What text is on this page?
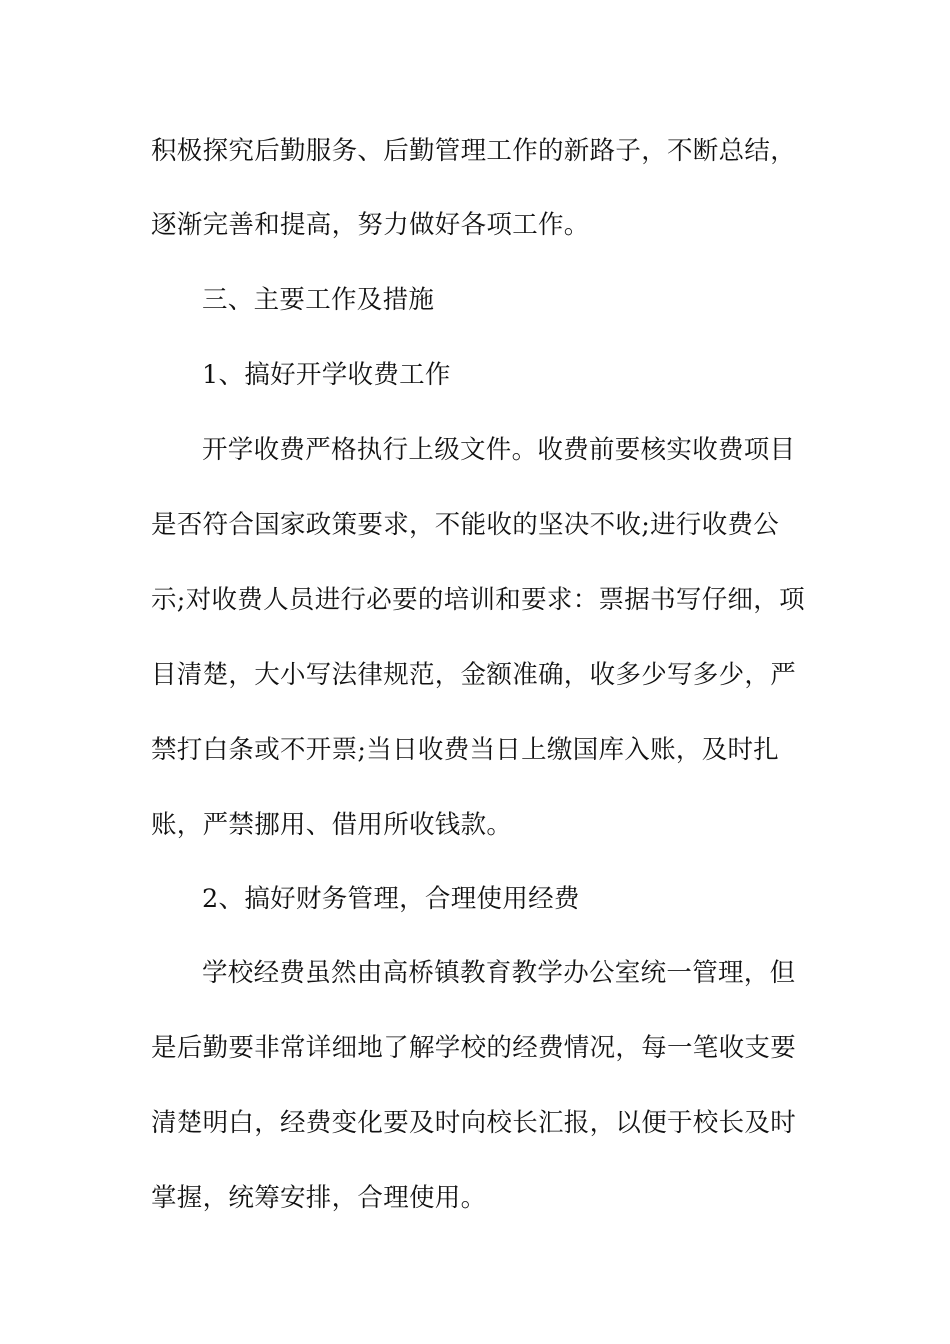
积极探究后勤服务、后勤管理工作的新路子，不断总结，
逐渐完善和提高，努力做好各项工作。
三、主要工作及措施
1、搞好开学收费工作
开学收费严格执行上级文件。收费前要核实收费项目
是否符合国家政策要求，不能收的坚决不收;进行收费公
示;对收费人员进行必要的培训和要求：票据书写仔细，项
目清楚，大小写法律规范，金额准确，收多少写多少，严
禁打白条或不开票;当日收费当日上缴国库入账，及时扎
账，严禁挪用、借用所收钱款。
2、搞好财务管理，合理使用经费
学校经费虽然由高桥镇教育教学办公室统一管理，但
是后勤要非常详细地了解学校的经费情况，每一笔收支要
清楚明白，经费变化要及时向校长汇报，以便于校长及时
掌握，统筹安排，合理使用。
